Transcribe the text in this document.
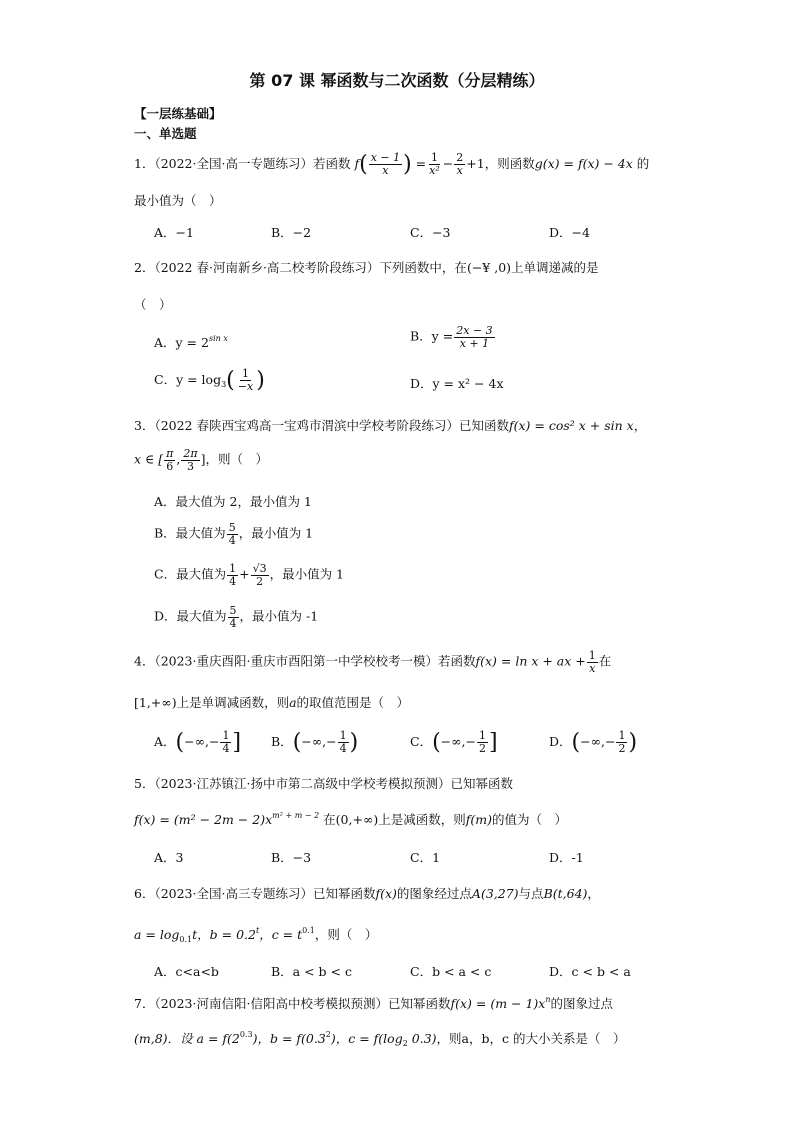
第 07 课 幂函数与二次函数（分层精练）
【一层练基础】
一、单选题
1．（2022·全国·高一专题练习）若函数 $f( \frac{x - 1}{x}$ ) = $\frac{1}{\text{x²}} - \frac{2}{x} +1$，则函数g(x) = f(x) − 4x 的
最小值为（　）
A．−1	B．−2	C．−3	D．−4
2．（2022 春·河南新乡·高二校考阶段练习）下列函数中，在(−¥ ,0)上单调递减的是
（　）
A．$y = 2^{sin x}$	B．$y = \frac{2x - 3}{x + 1}$
C．$y = \log_3( \frac{1}{-x}$ )	D．y = x² − 4x
3．（2022 春陕西宝鸡高一宝鸡市渭滨中学校考阶段练习）已知函数f(x) = cos² x + sin x，
x ∈ [ $\frac{\pi}{6}$ , $\frac{2\pi}{3}$ ]，则（　）
A．最大值为 2，最小值为 1
B．最大值为 $\frac{5}{4}$ ，最小值为 1
C．最大值为 $\frac{1}{4} + \frac{√3}{2}$ ，最小值为 1
D．最大值为 $\frac{5}{4}$ ，最小值为 -1
4．（2023·重庆酉阳·重庆市酉阳第一中学校校考一模）若函数f(x) = ln x + ax + $\frac{1}{x}$ 在
[1,+∞)上是单调减函数，则a的取值范围是（　）
A．(−∞,− $\frac{1}{4}$ ] B．(−∞,− $\frac{1}{4}$ )	C．(−∞,− $\frac{1}{2}$ ]	D．(−∞,− $\frac{1}{2}$ )
5．（2023·江苏镇江·扬中市第二高级中学校考模拟预测）已知幂函数
$f(x) = (m^2 - 2m - 2)x^{m^2 + m - 2}$ 在(0,+∞)上是减函数，则f(m)的值为（　）
A．3	B．−3	C．1	D．-1
6．（2023·全国·高三专题练习）已知幂函数f(x)的图象经过点A(3,27)与点B(t,64)，
$a = \log_{0.1}t$，$b = 0.2^t$，$c = t^{0.1}$，则（　）
A．c<a<b	B．a < b < c	C．b < a < c	D．c < b < a
7．（2023·河南信阳·信阳高中校考模拟预测）已知幂函数$f(x) = (m - 1)x^n$的图象过点
(m,8)．设 $a = f(2^{0.3})$，$b = f(0.3^2)$，$c = f(\log_2$ 0.3)，则a，b，c 的大小关系是（　）
